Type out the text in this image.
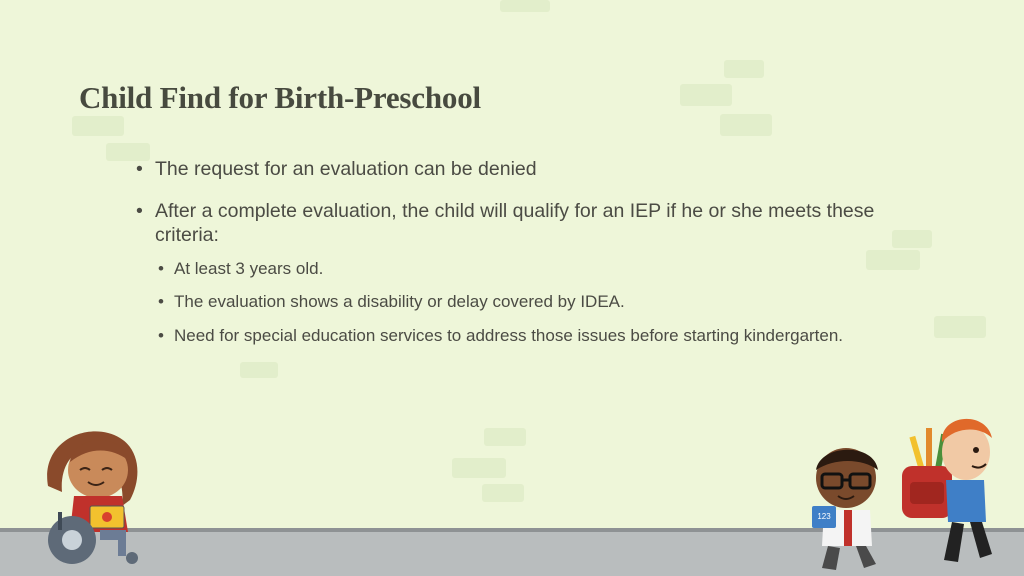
Child Find for Birth-Preschool
• The request for an evaluation can be denied
• After a complete evaluation, the child will qualify for an IEP if he or she meets these criteria:
• At least 3 years old.
• The evaluation shows a disability or delay covered by IDEA.
• Need for special education services to address those issues before starting kindergarten.
123
